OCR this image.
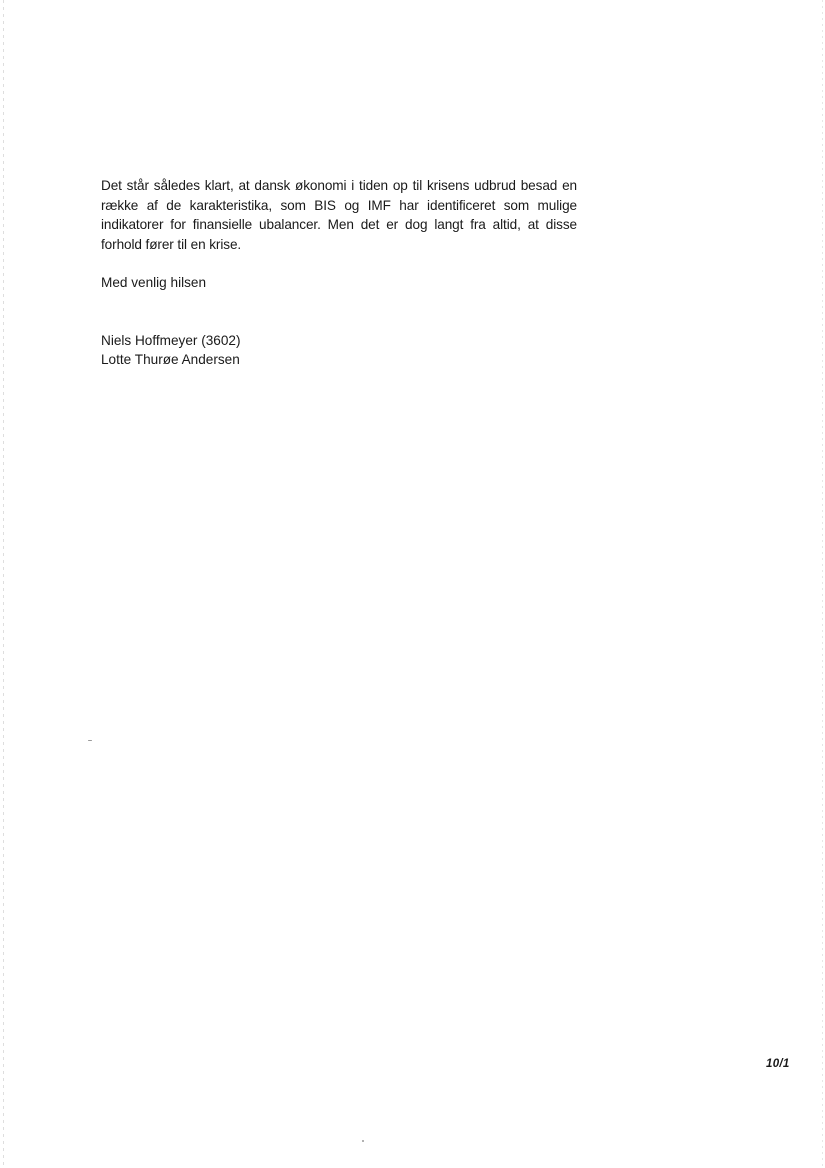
Det står således klart, at dansk økonomi i tiden op til krisens udbrud besad en række af de karakteristika, som BIS og IMF har identificeret som mulige indikatorer for finansielle ubalancer. Men det er dog langt fra altid, at disse forhold fører til en krise.

Med venlig hilsen

Niels Hoffmeyer (3602)

Lotte Thurøe Andersen

10/1
